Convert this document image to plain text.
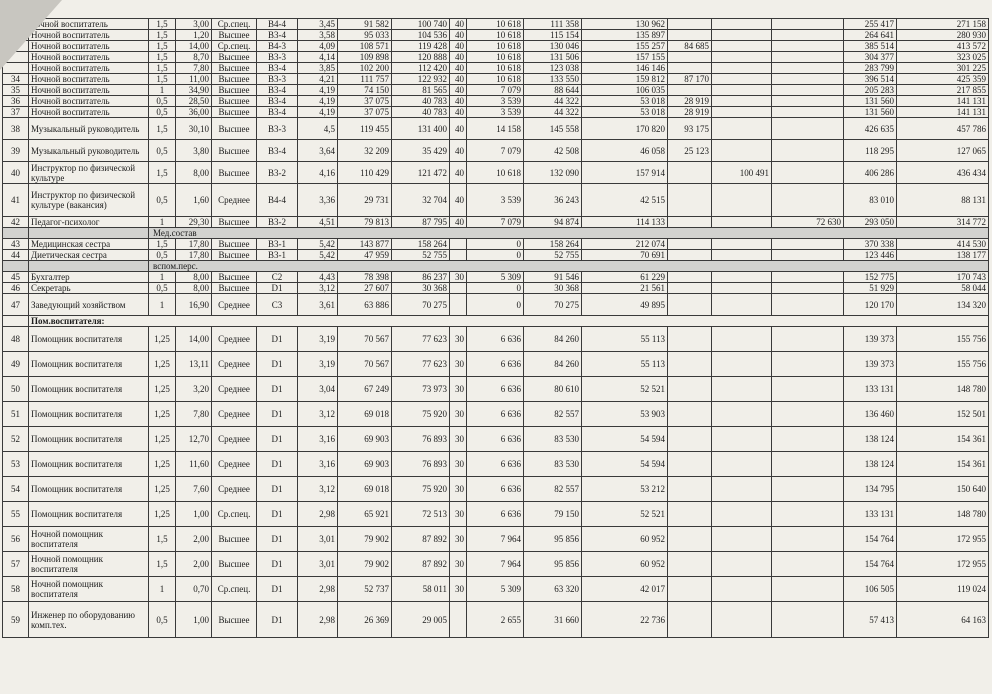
	ночной воспитатель	1,5	3,00	Ср.спец.	В4-4	3,45	91 582	100 740	40	10 618	111 358	130 962				255 417	271 158
	Ночной воспитатель	1,5	1,20	Высшее	В3-4	3,58	95 033	104 536	40	10 618	115 154	135 897				264 641	280 930
	Ночной воспитатель	1,5	14,00	Ср.спец.	В4-3	4,09	108 571	119 428	40	10 618	130 046	155 257	84 685			385 514	413 572
	Ночной воспитатель	1,5	8,70	Высшее	В3-3	4,14	109 898	120 888	40	10 618	131 506	157 155				304 377	323 025
	Ночной воспитатель	1,5	7,80	Высшее	В3-4	3,85	102 200	112 420	40	10 618	123 038	146 146				283 799	301 225
34	Ночной воспитатель	1,5	11,00	Высшее	В3-3	4,21	111 757	122 932	40	10 618	133 550	159 812	87 170			396 514	425 359
35	Ночной воспитатель	1	34,90	Высшее	В3-4	4,19	74 150	81 565	40	7 079	88 644	106 035				205 283	217 855
36	Ночной воспитатель	0,5	28,50	Высшее	В3-4	4,19	37 075	40 783	40	3 539	44 322	53 018	28 919			131 560	141 131
37	Ночной воспитатель	0,5	36,00	Высшее	В3-4	4,19	37 075	40 783	40	3 539	44 322	53 018	28 919			131 560	141 131
38	Музыкальный руководитель	1,5	30,10	Высшее	В3-3	4,5	119 455	131 400	40	14 158	145 558	170 820	93 175			426 635	457 786
39	Музыкальный руководитель	0,5	3,80	Высшее	В3-4	3,64	32 209	35 429	40	7 079	42 508	46 058	25 123			118 295	127 065
40	Инструктор по физической культуре	1,5	8,00	Высшее	В3-2	4,16	110 429	121 472	40	10 618	132 090	157 914		100 491		406 286	436 434
41	Инструктор по физической культуре (вакансия)	0,5	1,60	Среднее	В4-4	3,36	29 731	32 704	40	3 539	36 243	42 515				83 010	88 131
42	Педагог-психолог	1	29,30	Высшее	В3-2	4,51	79 813	87 795	40	7 079	94 874	114 133			72 630	293 050	314 772
		Мед.состав															
43	Медицинская сестра	1,5	17,80	Высшее	В3-1	5,42	143 877	158 264		0	158 264	212 074				370 338	414 530
44	Диетическая сестра	0,5	17,80	Высшее	В3-1	5,42	47 959	52 755		0	52 755	70 691				123 446	138 177
		вспом.перс.															
45	Бухгалтер	1	8,00	Высшее	С2	4,43	78 398	86 237	30	5 309	91 546	61 229				152 775	170 743
46	Секретарь	0,5	8,00	Высшее	D1	3,12	27 607	30 368		0	30 368	21 561				51 929	58 044
47	Заведующий хозяйством	1	16,90	Среднее	С3	3,61	63 886	70 275		0	70 275	49 895				120 170	134 320
	Пом.воспитателя:																
48	Помощник воспитателя	1,25	14,00	Среднее	D1	3,19	70 567	77 623	30	6 636	84 260	55 113				139 373	155 756
49	Помощник воспитателя	1,25	13,11	Среднее	D1	3,19	70 567	77 623	30	6 636	84 260	55 113				139 373	155 756
50	Помощник воспитателя	1,25	3,20	Среднее	D1	3,04	67 249	73 973	30	6 636	80 610	52 521				133 131	148 780
51	Помощник воспитателя	1,25	7,80	Среднее	D1	3,12	69 018	75 920	30	6 636	82 557	53 903				136 460	152 501
52	Помощник воспитателя	1,25	12,70	Среднее	D1	3,16	69 903	76 893	30	6 636	83 530	54 594				138 124	154 361
53	Помощник воспитателя	1,25	11,60	Среднее	D1	3,16	69 903	76 893	30	6 636	83 530	54 594				138 124	154 361
54	Помощник воспитателя	1,25	7,60	Среднее	D1	3,12	69 018	75 920	30	6 636	82 557	53 212				134 795	150 640
55	Помощник воспитателя	1,25	1,00	Ср.спец.	D1	2,98	65 921	72 513	30	6 636	79 150	52 521				133 131	148 780
56	Ночной помощник воспитателя	1,5	2,00	Высшее	D1	3,01	79 902	87 892	30	7 964	95 856	60 952				154 764	172 955
57	Ночной помощник воспитателя	1,5	2,00	Высшее	D1	3,01	79 902	87 892	30	7 964	95 856	60 952				154 764	172 955
58	Ночной помощник воспитателя	1	0,70	Ср.спец.	D1	2,98	52 737	58 011	30	5 309	63 320	42 017				106 505	119 024
59	Инженер по оборудованию комп.тех.	0,5	1,00	Высшее	D1	2,98	26 369	29 005		2 655	31 660	22 736				57 413	64 163
